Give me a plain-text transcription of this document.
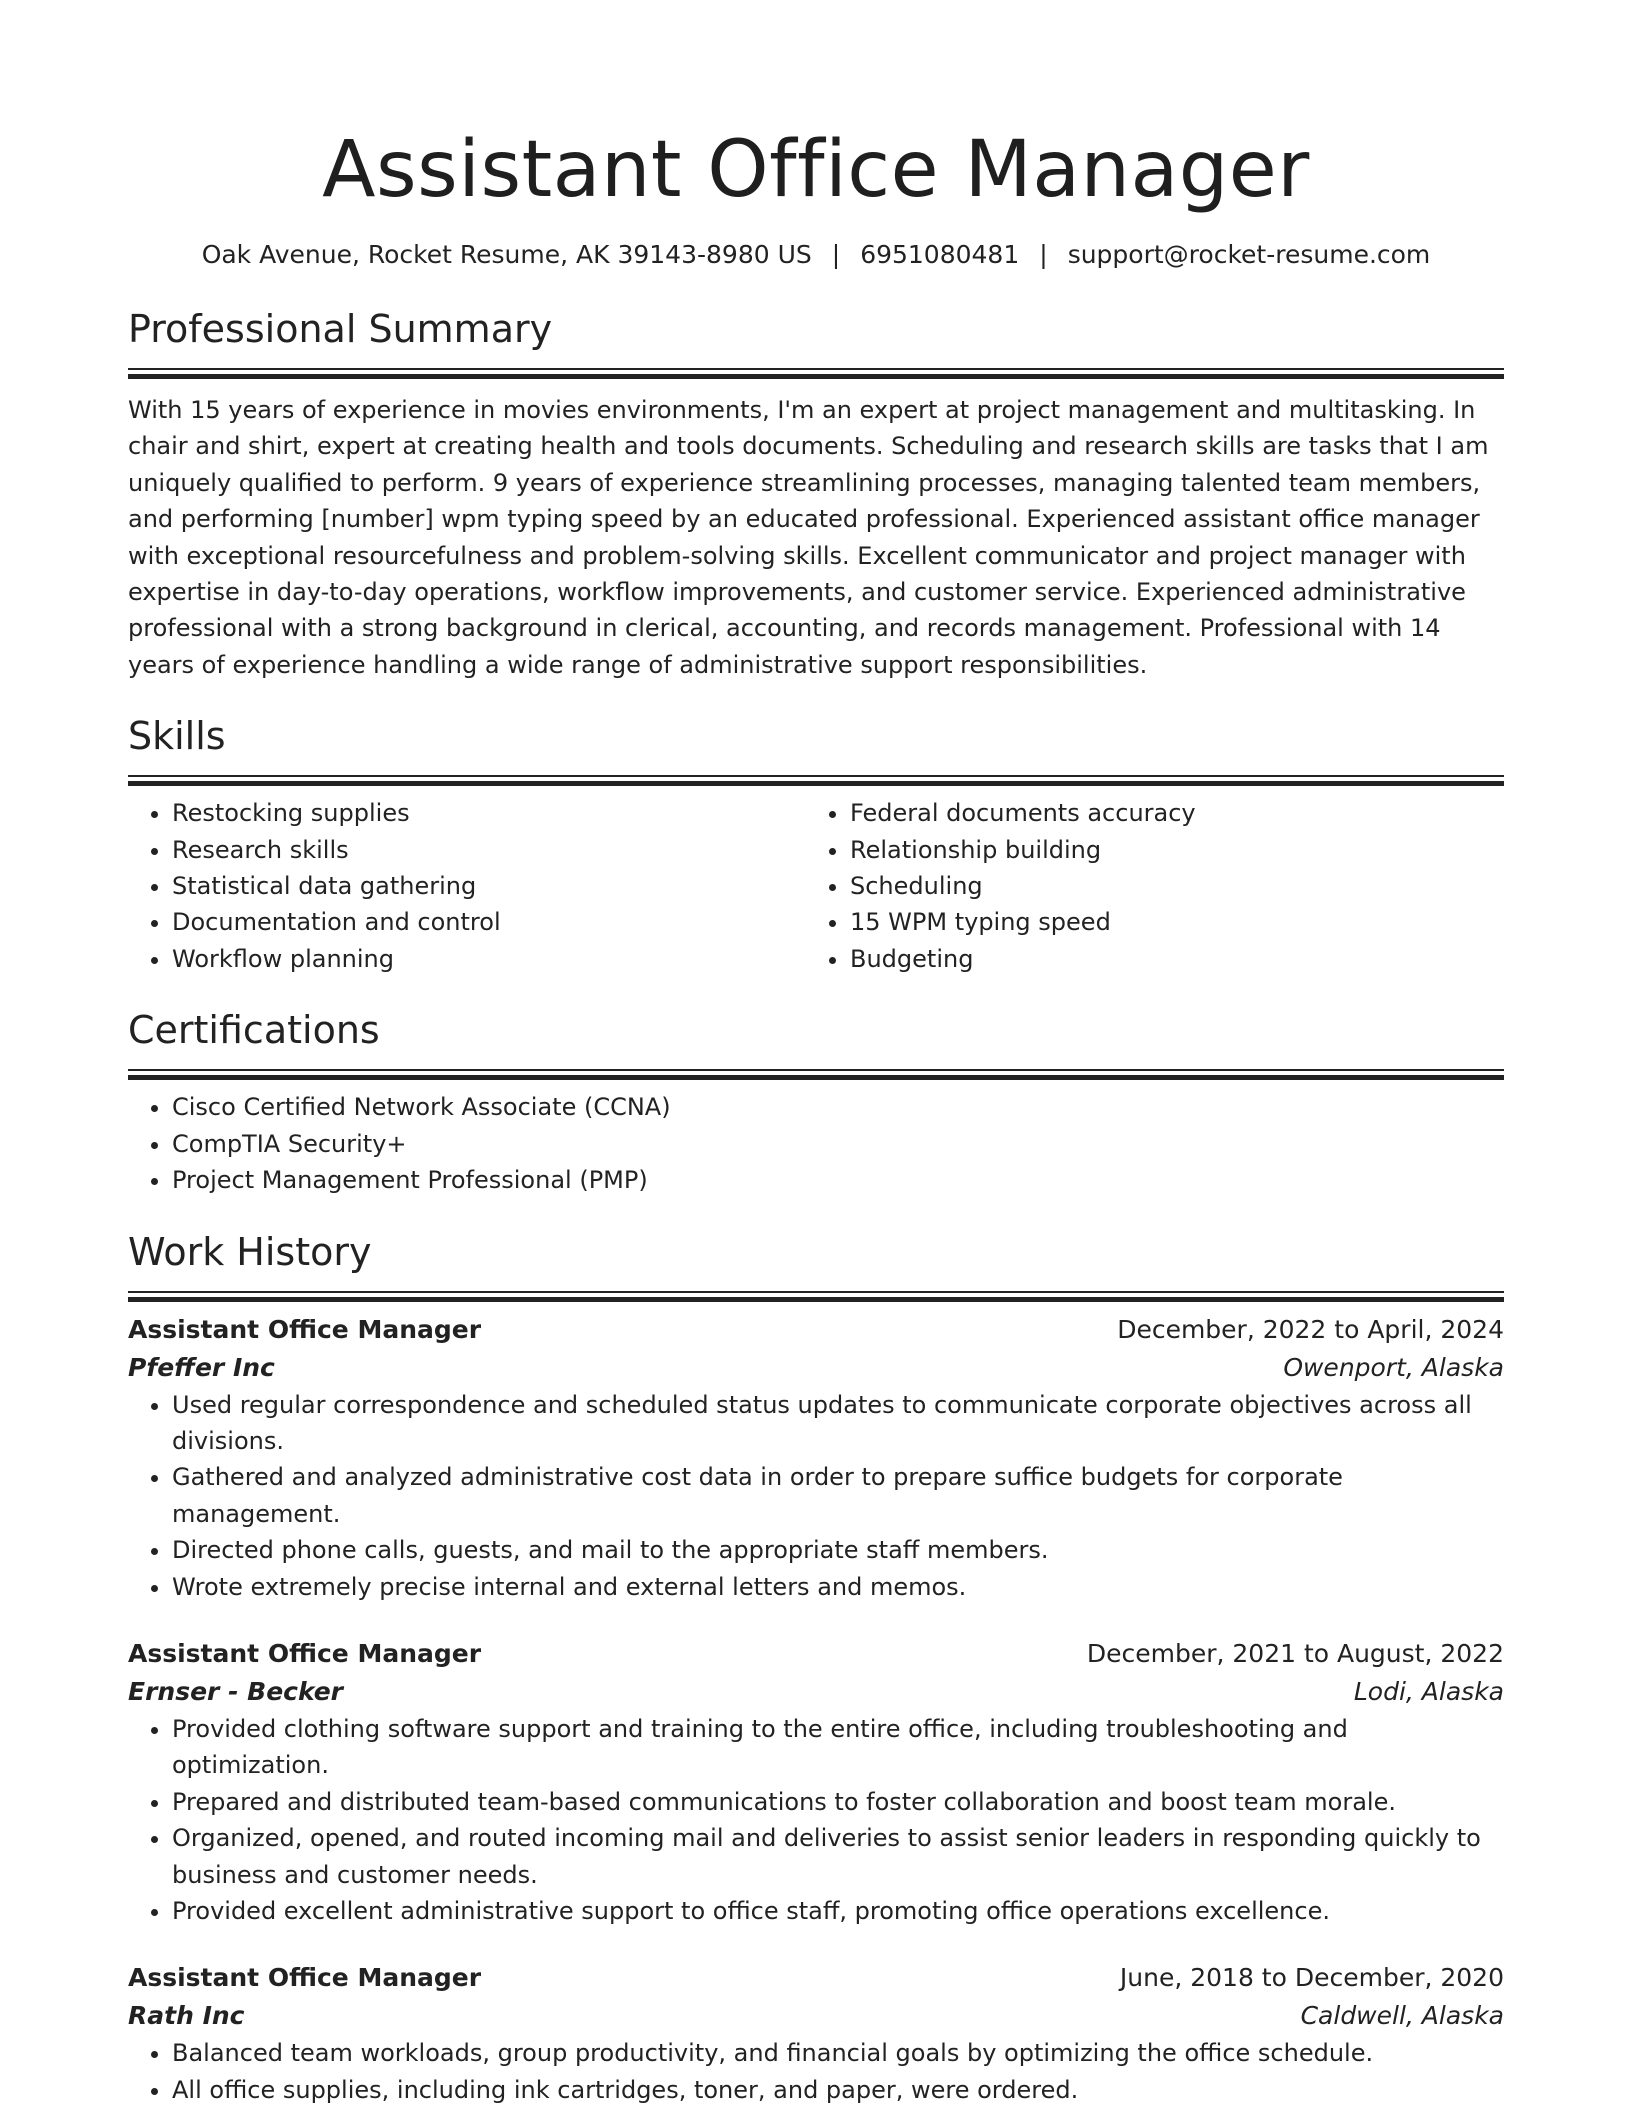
Assistant Office Manager
Oak Avenue, Rocket Resume, AK 39143-8980 US | 6951080481 | support@rocket-resume.com
Professional Summary

With 15 years of experience in movies environments, I'm an expert at project management and multitasking. In chair and shirt, expert at creating health and tools documents. Scheduling and research skills are tasks that I am uniquely qualified to perform. 9 years of experience streamlining processes, managing talented team members, and performing [number] wpm typing speed by an educated professional. Experienced assistant office manager with exceptional resourcefulness and problem-solving skills. Excellent communicator and project manager with expertise in day-to-day operations, workflow improvements, and customer service. Experienced administrative professional with a strong background in clerical, accounting, and records management. Professional with 14 years of experience handling a wide range of administrative support responsibilities.

Skills
• Restocking supplies
• Research skills
• Statistical data gathering
• Documentation and control
• Workflow planning
• Federal documents accuracy
• Relationship building
• Scheduling
• 15 WPM typing speed
• Budgeting
Certifications
• Cisco Certified Network Associate (CCNA)
• CompTIA Security+
• Project Management Professional (PMP)
Work History
Assistant Office Manager	December, 2022 to April, 2024
Pfeffer Inc	Owenport, Alaska
• Used regular correspondence and scheduled status updates to communicate corporate objectives across all divisions.
• Gathered and analyzed administrative cost data in order to prepare suffice budgets for corporate management.
• Directed phone calls, guests, and mail to the appropriate staff members.
• Wrote extremely precise internal and external letters and memos.
Assistant Office Manager	December, 2021 to August, 2022
Ernser - Becker	Lodi, Alaska
• Provided clothing software support and training to the entire office, including troubleshooting and optimization.
• Prepared and distributed team-based communications to foster collaboration and boost team morale.
• Organized, opened, and routed incoming mail and deliveries to assist senior leaders in responding quickly to business and customer needs.
• Provided excellent administrative support to office staff, promoting office operations excellence.
Assistant Office Manager	June, 2018 to December, 2020
Rath Inc	Caldwell, Alaska
• Balanced team workloads, group productivity, and financial goals by optimizing the office schedule.
• All office supplies, including ink cartridges, toner, and paper, were ordered.
